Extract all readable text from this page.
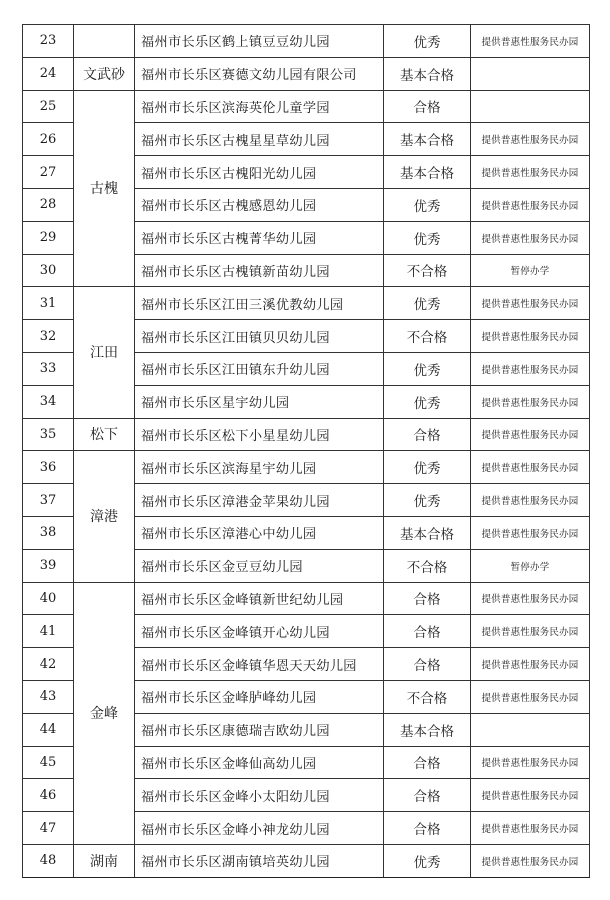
23		福州市长乐区鹤上镇豆豆幼儿园	优秀	提供普惠性服务民办园
24	文武砂	福州市长乐区赛德文幼儿园有限公司	基本合格	
25	古槐	福州市长乐区滨海英伦儿童学园	合格	
26		福州市长乐区古槐星星草幼儿园	基本合格	提供普惠性服务民办园
27		福州市长乐区古槐阳光幼儿园	基本合格	提供普惠性服务民办园
28		福州市长乐区古槐感恩幼儿园	优秀	提供普惠性服务民办园
29		福州市长乐区古槐菁华幼儿园	优秀	提供普惠性服务民办园
30		福州市长乐区古槐镇新苗幼儿园	不合格	暂停办学
31	江田	福州市长乐区江田三溪优教幼儿园	优秀	提供普惠性服务民办园
32		福州市长乐区江田镇贝贝幼儿园	不合格	提供普惠性服务民办园
33		福州市长乐区江田镇东升幼儿园	优秀	提供普惠性服务民办园
34		福州市长乐区星宇幼儿园	优秀	提供普惠性服务民办园
35	松下	福州市长乐区松下小星星幼儿园	合格	提供普惠性服务民办园
36	漳港	福州市长乐区滨海星宇幼儿园	优秀	提供普惠性服务民办园
37		福州市长乐区漳港金苹果幼儿园	优秀	提供普惠性服务民办园
38		福州市长乐区漳港心中幼儿园	基本合格	提供普惠性服务民办园
39		福州市长乐区金豆豆幼儿园	不合格	暂停办学
40	金峰	福州市长乐区金峰镇新世纪幼儿园	合格	提供普惠性服务民办园
41		福州市长乐区金峰镇开心幼儿园	合格	提供普惠性服务民办园
42		福州市长乐区金峰镇华恩天天幼儿园	合格	提供普惠性服务民办园
43		福州市长乐区金峰胪峰幼儿园	不合格	提供普惠性服务民办园
44		福州市长乐区康德瑞吉欧幼儿园	基本合格	
45		福州市长乐区金峰仙高幼儿园	合格	提供普惠性服务民办园
46		福州市长乐区金峰小太阳幼儿园	合格	提供普惠性服务民办园
47		福州市长乐区金峰小神龙幼儿园	合格	提供普惠性服务民办园
48	湖南	福州市长乐区湖南镇培英幼儿园	优秀	提供普惠性服务民办园
